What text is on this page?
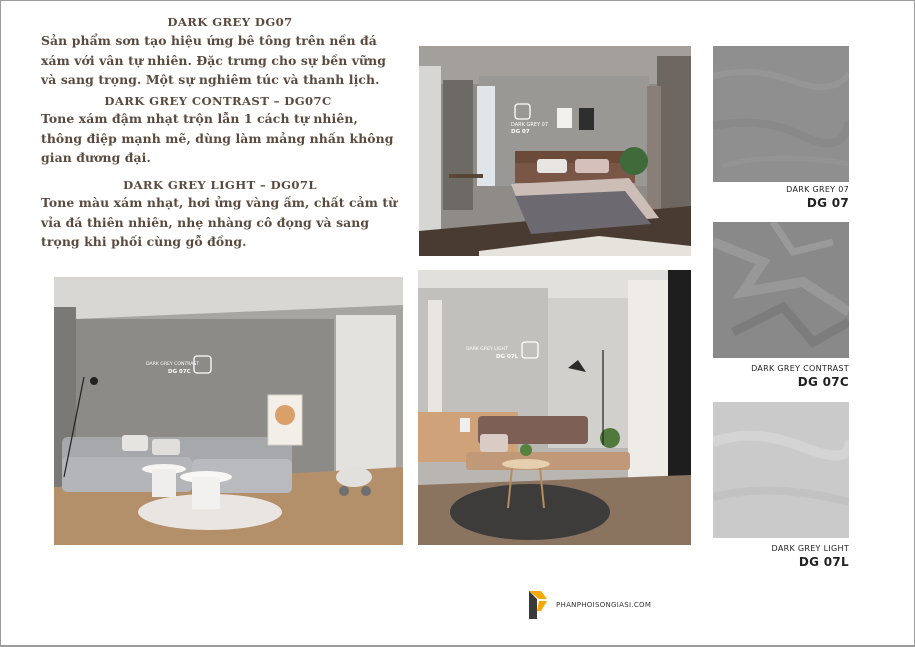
DARK GREY DG07
Sản phẩm sơn tạo hiệu ứng bê tông trên nền đá
xám với vân tự nhiên. Đặc trưng cho sự bền vững
và sang trọng. Một sự nghiêm túc và thanh lịch.
DARK GREY CONTRAST – DG07C
Tone xám đậm nhạt trộn lẫn 1 cách tự nhiên,
thông điệp mạnh mẽ, dùng làm mảng nhấn không
gian đương đại.
DARK GREY LIGHT – DG07L
Tone màu xám nhạt, hơi ửng vàng ấm, chất cảm từ
vỉa đá thiên nhiên, nhẹ nhàng cô đọng và sang
trọng khi phối cùng gỗ đồng.
DARK GREY 07
DG 07
DARK GREY CONTRAST
DG 07C
DARK GREY LIGHT
DG 07L
DARK GREY 07
DG 07
DARK GREY CONTRAST
DG 07C
DARK GREY LIGHT
DG 07L
PHANPHOISONGIASI.COM
